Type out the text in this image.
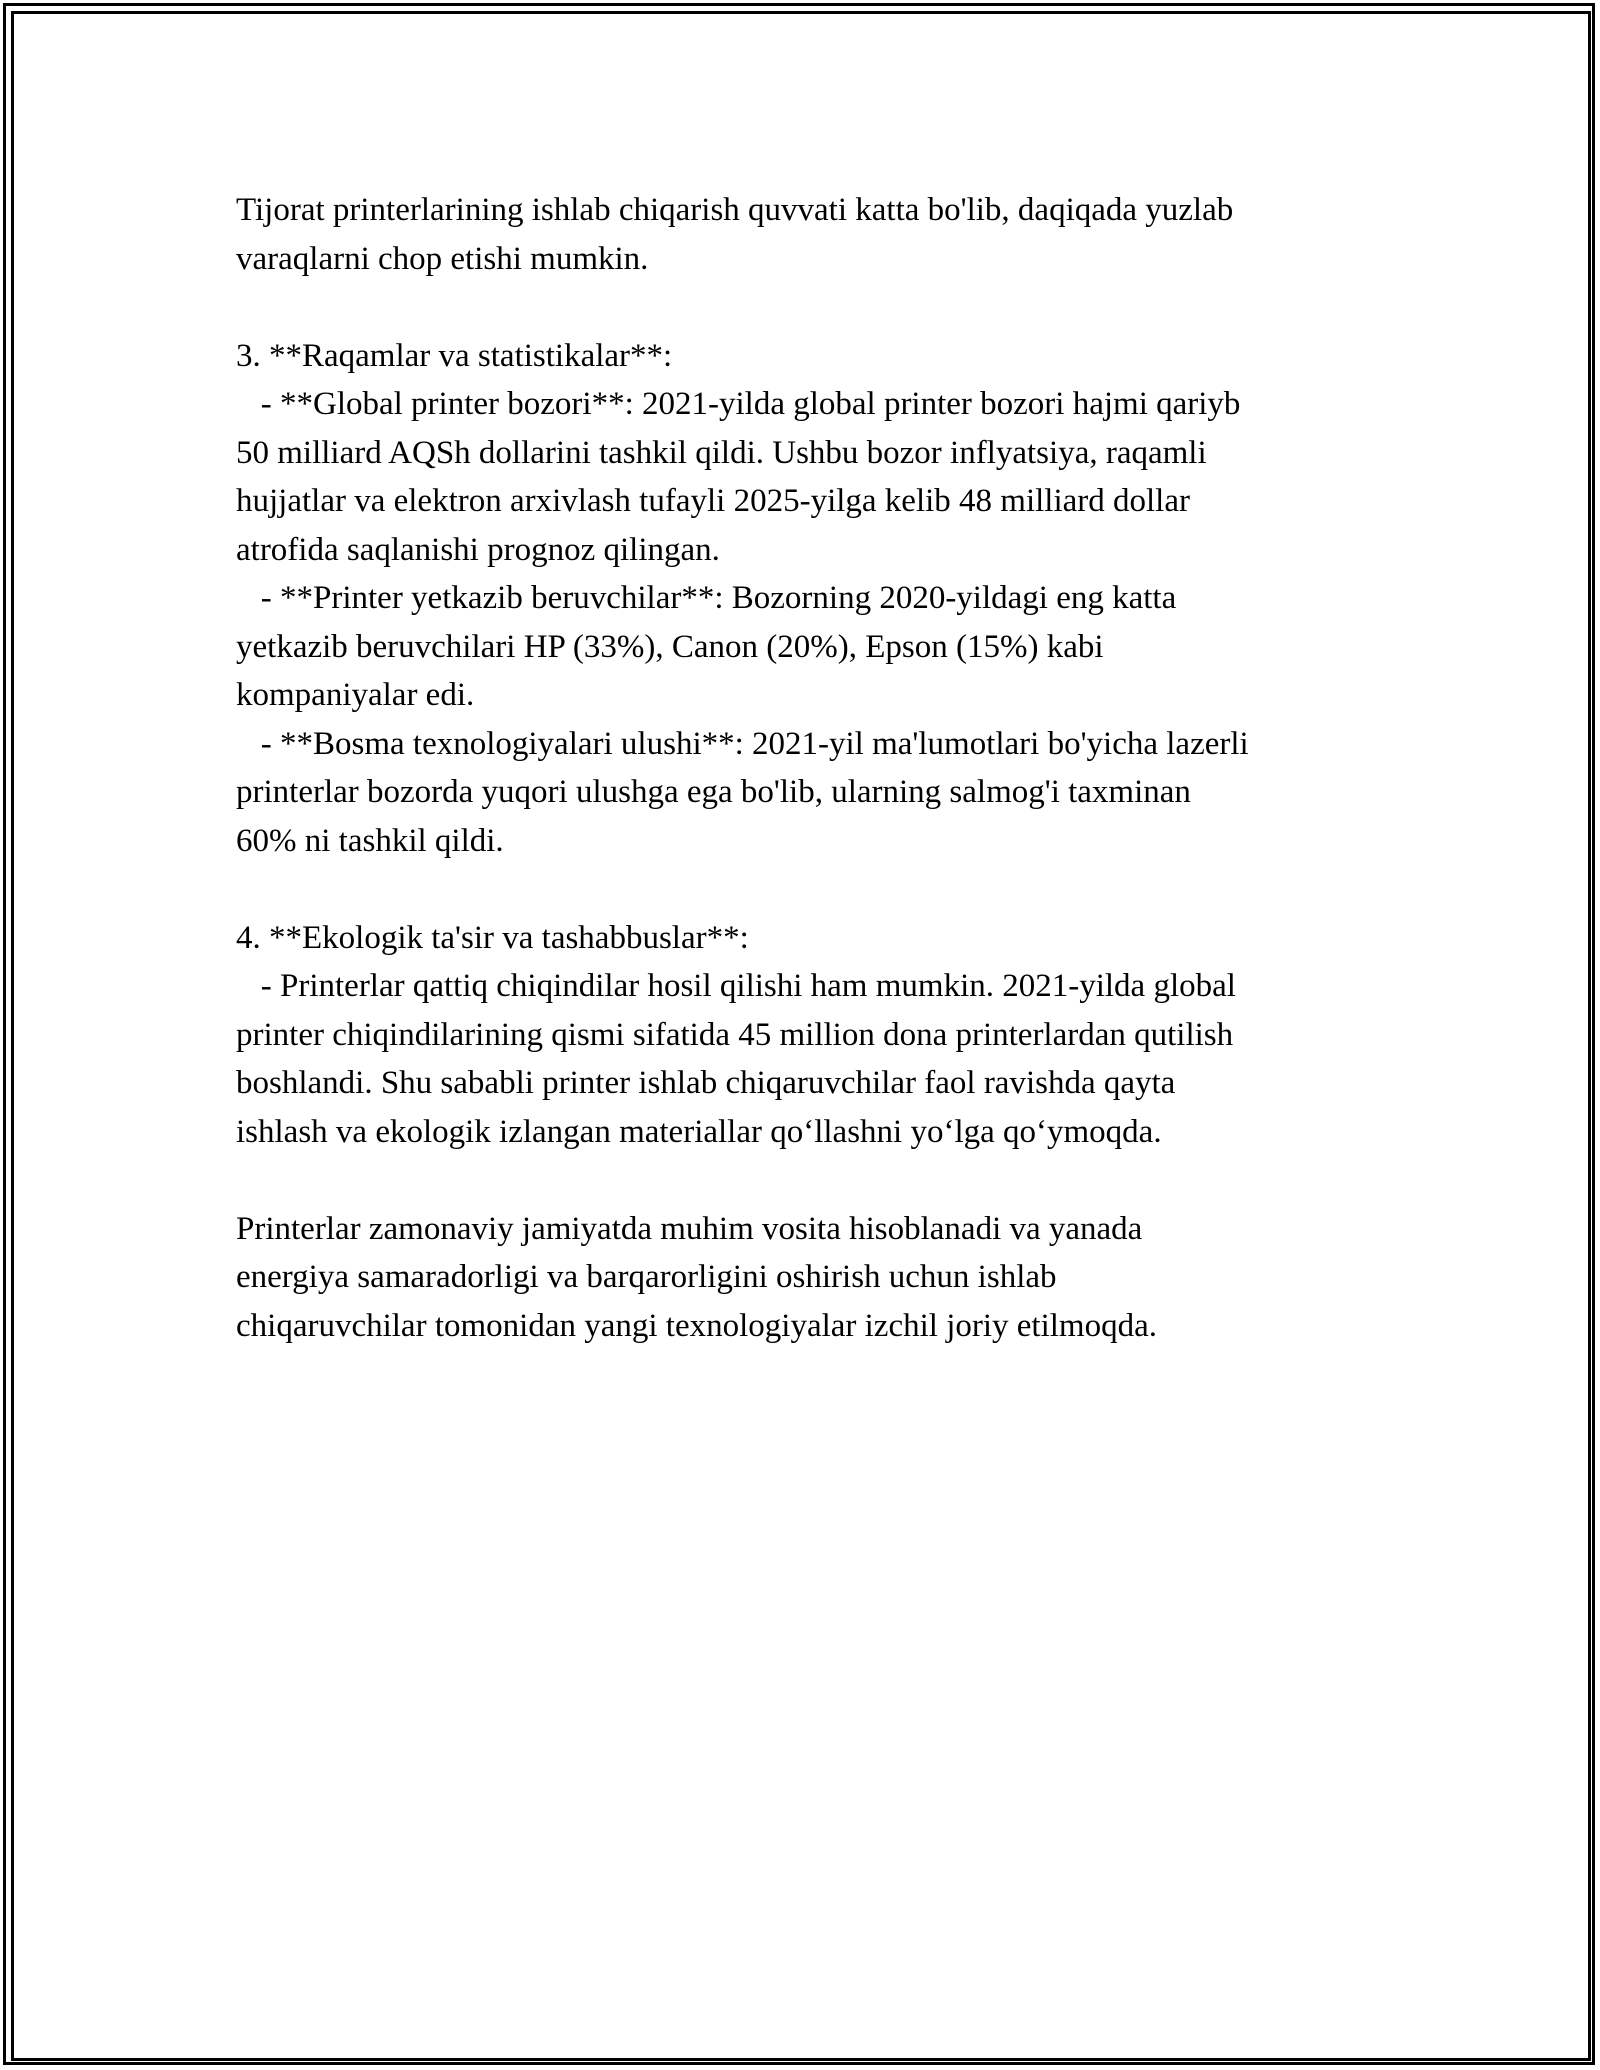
Tijorat printerlarining ishlab chiqarish quvvati katta bo'lib, daqiqada yuzlab
varaqlarni chop etishi mumkin.
3. **Raqamlar va statistikalar**:
- **Global printer bozori**: 2021-yilda global printer bozori hajmi qariyb
50 milliard AQSh dollarini tashkil qildi. Ushbu bozor inflyatsiya, raqamli
hujjatlar va elektron arxivlash tufayli 2025-yilga kelib 48 milliard dollar
atrofida saqlanishi prognoz qilingan.
- **Printer yetkazib beruvchilar**: Bozorning 2020-yildagi eng katta
yetkazib beruvchilari HP (33%), Canon (20%), Epson (15%) kabi
kompaniyalar edi.
- **Bosma texnologiyalari ulushi**: 2021-yil ma'lumotlari bo'yicha lazerli
printerlar bozorda yuqori ulushga ega bo'lib, ularning salmog'i taxminan
60% ni tashkil qildi.
4. **Ekologik ta'sir va tashabbuslar**:
- Printerlar qattiq chiqindilar hosil qilishi ham mumkin. 2021-yilda global
printer chiqindilarining qismi sifatida 45 million dona printerlardan qutilish
boshlandi. Shu sababli printer ishlab chiqaruvchilar faol ravishda qayta
ishlash va ekologik izlangan materiallar qo‘llashni yo‘lga qo‘ymoqda.
Printerlar zamonaviy jamiyatda muhim vosita hisoblanadi va yanada
energiya samaradorligi va barqarorligini oshirish uchun ishlab
chiqaruvchilar tomonidan yangi texnologiyalar izchil joriy etilmoqda.
